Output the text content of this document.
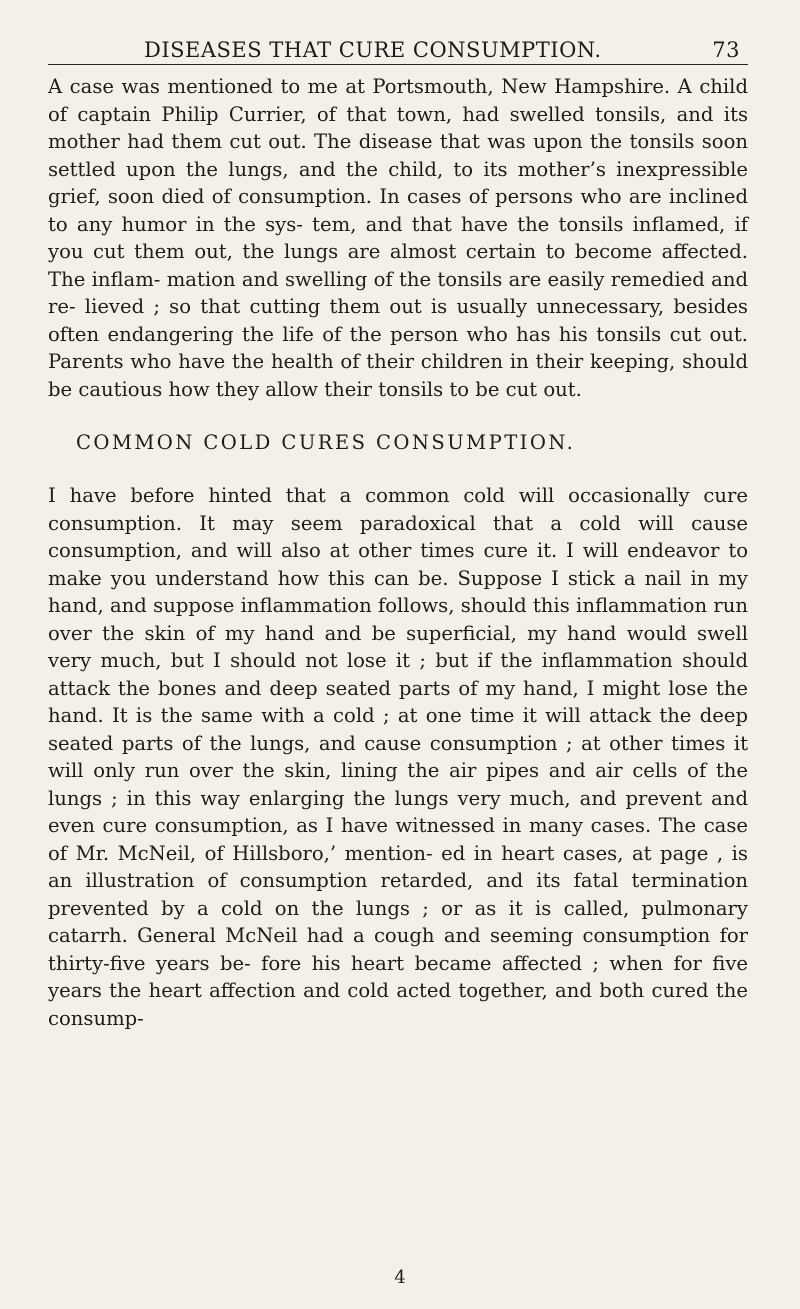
DISEASES THAT CURE CONSUMPTION.	73

A case was mentioned to me at Portsmouth, New Hampshire. A child of captain Philip Currier, of that town, had swelled tonsils, and its mother had them cut out. The disease that was upon the tonsils soon settled upon the lungs, and the child, to its mother’s inexpressible grief, soon died of consumption. In cases of persons who are inclined to any humor in the sys- tem, and that have the tonsils inflamed, if you cut them out, the lungs are almost certain to become affected. The inflam- mation and swelling of the tonsils are easily remedied and re- lieved ; so that cutting them out is usually unnecessary, besides often endangering the life of the person who has his tonsils cut out. Parents who have the health of their children in their keeping, should be cautious how they allow their tonsils to be cut out.

COMMON COLD CURES CONSUMPTION.

I have before hinted that a common cold will occasionally cure consumption. It may seem paradoxical that a cold will cause consumption, and will also at other times cure it. I will endeavor to make you understand how this can be. Suppose I stick a nail in my hand, and suppose inflammation follows, should this inflammation run over the skin of my hand and be superficial, my hand would swell very much, but I should not lose it ; but if the inflammation should attack the bones and deep seated parts of my hand, I might lose the hand. It is the same with a cold ; at one time it will attack the deep seated parts of the lungs, and cause consumption ; at other times it will only run over the skin, lining the air pipes and air cells of the lungs ; in this way enlarging the lungs very much, and prevent and even cure consumption, as I have witnessed in many cases. The case of Mr. McNeil, of Hillsboro,’ mention- ed in heart cases, at page , is an illustration of consumption retarded, and its fatal termination prevented by a cold on the lungs ; or as it is called, pulmonary catarrh. General McNeil had a cough and seeming consumption for thirty-five years be- fore his heart became affected ; when for five years the heart affection and cold acted together, and both cured the consump-

4
